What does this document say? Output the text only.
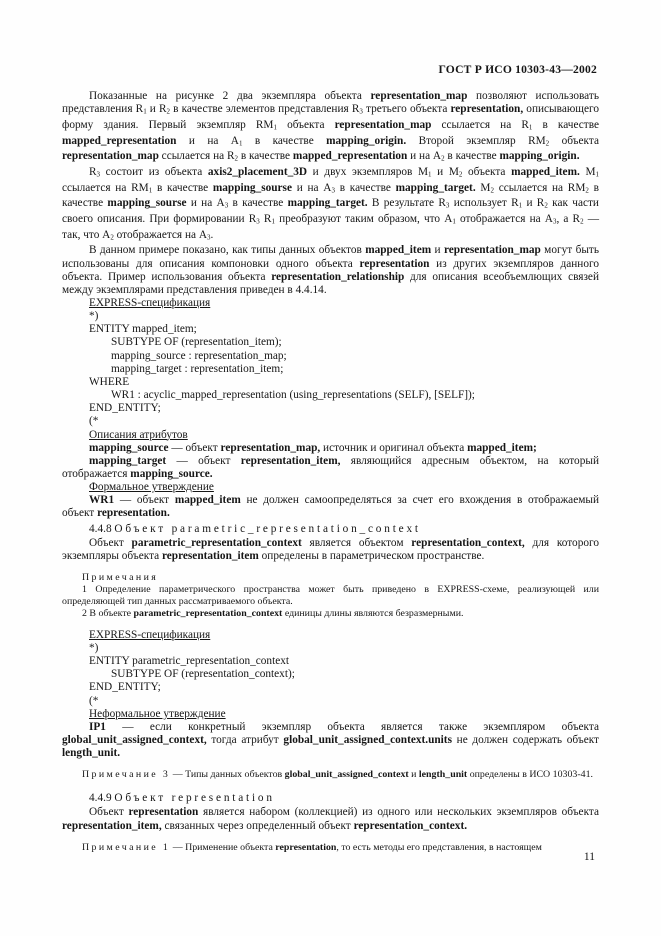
ГОСТ Р ИСО 10303-43—2002
Показанные на рисунке 2 два экземпляра объекта representation_map позволяют использовать представления $R_1$ и $R_2$ в качестве элементов представления $R_3$ третьего объекта representation, описывающего форму здания. Первый экземпляр $RM_1$ объекта representation_map ссылается на $R_1$ в качестве mapped_representation и на $A_1$ в качестве mapping_origin. Второй экземпляр $RM_2$ объекта representation_map ссылается на $R_2$ в качестве mapped_representation и на $A_2$ в качестве mapping_origin.
$R_3$ состоит из объекта axis2_placement_3D и двух экземпляров $M_1$ и $M_2$ объекта mapped_item. $M_1$ ссылается на $RM_1$ в качестве mapping_sourse и на $A_3$ в качестве mapping_target. $M_2$ ссылается на $RM_2$ в качестве mapping_sourse и на $A_3$ в качестве mapping_target. В результате $R_3$ использует $R_1$ и $R_2$ как части своего описания. При формировании $R_3$ $R_1$ преобразуют таким образом, что $A_1$ отображается на $A_3$, а $R_2$ — так, что $A_2$ отображается на $A_3$.
В данном примере показано, как типы данных объектов mapped_item и representation_map могут быть использованы для описания компоновки одного объекта representation из других экземпляров данного объекта. Пример использования объекта representation_relationship для описания всеобъемлющих связей между экземплярами представления приведен в 4.4.14.
EXPRESS-спецификация
*)
ENTITY mapped_item;
SUBTYPE OF (representation_item);
mapping_source : representation_map;
mapping_target : representation_item;
WHERE
WR1 : acyclic_mapped_representation (using_representations (SELF), [SELF]);
END_ENTITY;
(*
Описания атрибутов
mapping_source — объект representation_map, источник и оригинал объекта mapped_item;
mapping_target — объект representation_item, являющийся адресным объектом, на который отображается mapping_source.
Формальное утверждение
WR1 — объект mapped_item не должен самоопределяться за счет его вхождения в отображаемый объект representation.
4.4.8 Объект parametric_representation_context
Объект parametric_representation_context является объектом representation_context, для которого экземпляры объекта representation_item определены в параметрическом пространстве.
Примечания
1 Определение параметрического пространства может быть приведено в EXPRESS-схеме, реализующей или определяющей тип данных рассматриваемого объекта.
2 В объекте parametric_representation_context единицы длины являются безразмерными.
EXPRESS-спецификация
*)
ENTITY parametric_representation_context
SUBTYPE OF (representation_context);
END_ENTITY;
(*
Неформальное утверждение
IP1 — если конкретный экземпляр объекта является также экземпляром объекта global_unit_assigned_context, тогда атрибут global_unit_assigned_context.units не должен содержать объект length_unit.
Примечание 3 — Типы данных объектов global_unit_assigned_context и length_unit определены в ИСО 10303-41.
4.4.9 Объект representation
Объект representation является набором (коллекцией) из одного или нескольких экземпляров объекта representation_item, связанных через определенный объект representation_context.
Примечание 1 — Применение объекта representation, то есть методы его представления, в настоящем
11
